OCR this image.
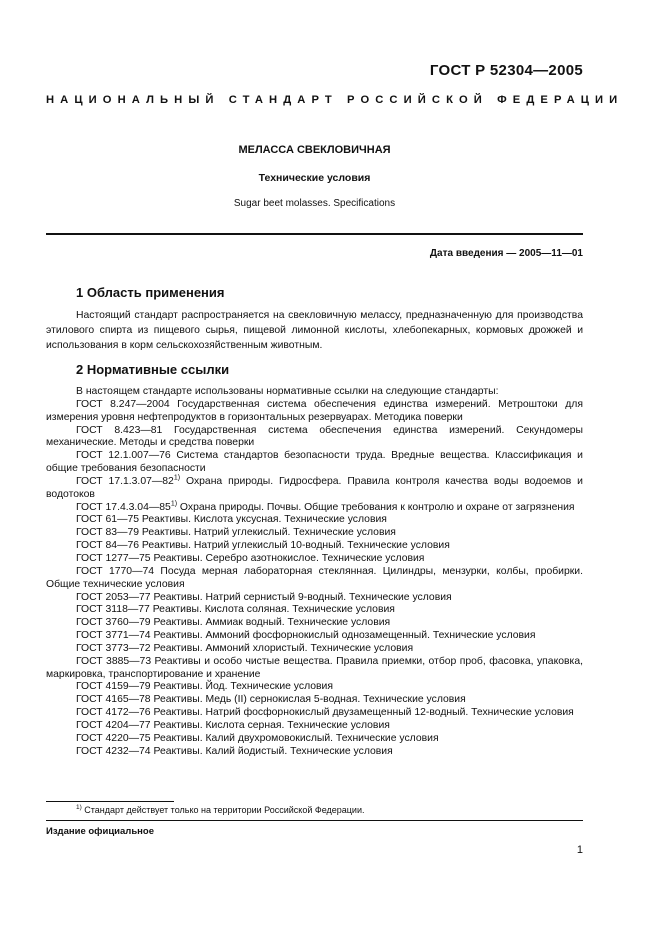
ГОСТ Р 52304—2005
НАЦИОНАЛЬНЫЙ СТАНДАРТ РОССИЙСКОЙ ФЕДЕРАЦИИ
МЕЛАССА СВЕКЛОВИЧНАЯ
Технические условия
Sugar beet molasses. Specifications
Дата введения — 2005—11—01
1 Область применения
Настоящий стандарт распространяется на свекловичную мелассу, предназначенную для производства этилового спирта из пищевого сырья, пищевой лимонной кислоты, хлебопекарных, кормовых дрожжей и использования в корм сельскохозяйственным животным.
2 Нормативные ссылки

В настоящем стандарте использованы нормативные ссылки на следующие стандарты:

ГОСТ 8.247—2004 Государственная система обеспечения единства измерений. Метроштоки для измерения уровня нефтепродуктов в горизонтальных резервуарах. Методика поверки

ГОСТ 8.423—81 Государственная система обеспечения единства измерений. Секундомеры механические. Методы и средства поверки

ГОСТ 12.1.007—76 Система стандартов безопасности труда. Вредные вещества. Классификация и общие требования безопасности

ГОСТ 17.1.3.07—82$^{1)}$ Охрана природы. Гидросфера. Правила контроля качества воды водоемов и водотоков

ГОСТ 17.4.3.04—85$^{1)}$ Охрана природы. Почвы. Общие требования к контролю и охране от загрязнения

ГОСТ 61—75 Реактивы. Кислота уксусная. Технические условия

ГОСТ 83—79 Реактивы. Натрий углекислый. Технические условия

ГОСТ 84—76 Реактивы. Натрий углекислый 10-водный. Технические условия

ГОСТ 1277—75 Реактивы. Серебро азотнокислое. Технические условия

ГОСТ 1770—74 Посуда мерная лабораторная стеклянная. Цилиндры, мензурки, колбы, пробирки. Общие технические условия

ГОСТ 2053—77 Реактивы. Натрий сернистый 9-водный. Технические условия

ГОСТ 3118—77 Реактивы. Кислота соляная. Технические условия

ГОСТ 3760—79 Реактивы. Аммиак водный. Технические условия

ГОСТ 3771—74 Реактивы. Аммоний фосфорнокислый однозамещенный. Технические условия

ГОСТ 3773—72 Реактивы. Аммоний хлористый. Технические условия

ГОСТ 3885—73 Реактивы и особо чистые вещества. Правила приемки, отбор проб, фасовка, упаковка, маркировка, транспортирование и хранение

ГОСТ 4159—79 Реактивы. Йод. Технические условия

ГОСТ 4165—78 Реактивы. Медь (II) сернокислая 5-водная. Технические условия

ГОСТ 4172—76 Реактивы. Натрий фосфорнокислый двузамещенный 12-водный. Технические условия

ГОСТ 4204—77 Реактивы. Кислота серная. Технические условия

ГОСТ 4220—75 Реактивы. Калий двухромовокислый. Технические условия

ГОСТ 4232—74 Реактивы. Калий йодистый. Технические условия

$^{1)}$ Стандарт действует только на территории Российской Федерации.
Издание официальное
1
